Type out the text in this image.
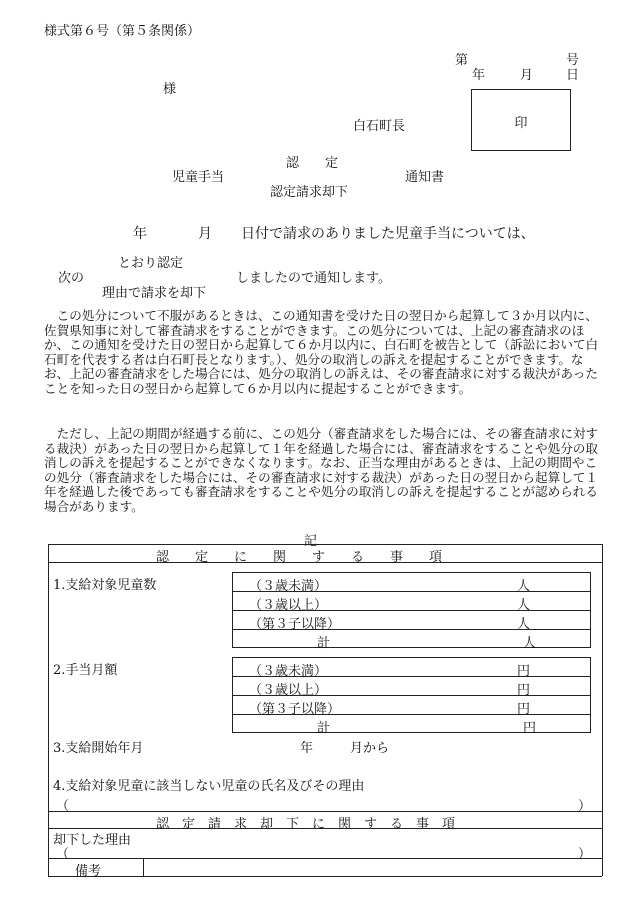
様式第６号（第５条関係）
第	号
年	月	日
様
白石町長	印
認　　定
児童手当	通知書
認定請求却下
年	月 日付で請求のありました児童手当については、
とおり認定
次の	しましたので通知します。
理由で請求を却下
この処分について不服があるときは、この通知書を受けた日の翌日から起算して３か月以内に、佐賀県知事に対して審査請求をすることができます。この処分については、上記の審査請求のほか、この通知を受けた日の翌日から起算して６か月以内に、白石町を被告として（訴訟において白石町を代表する者は白石町長となります。）、処分の取消しの訴えを提起することができます。なお、上記の審査請求をした場合には、処分の取消しの訴えは、その審査請求に対する裁決があったことを知った日の翌日から起算して６か月以内に提起することができます。
ただし、上記の期間が経過する前に、この処分（審査請求をした場合には、その審査請求に対する裁決）があった日の翌日から起算して１年を経過した場合には、審査請求をすることや処分の取消しの訴えを提起することができなくなります。なお、正当な理由があるときは、上記の期間やこの処分（審査請求をした場合には、その審査請求に対する裁決）があった日の翌日から起算して１年を経過した後であっても審査請求をすることや処分の取消しの訴えを提起することが認められる場合があります。
記
認　　定　　に　　関　　す　　る　　事　　項
1.支給対象児童数	（３歳未満）	人
（３歳以上）	人
（第３子以降）	人
計	人
2.手当月額	（３歳未満）	円
（３歳以上）	円
（第３子以降）	円
計	円
3.支給開始年月	年	月から
4.支給対象児童に該当しない児童の氏名及びその理由
（	）
認　定　請　求　却　下　に　関　す　る　事　項
却下した理由
（	）
備考
